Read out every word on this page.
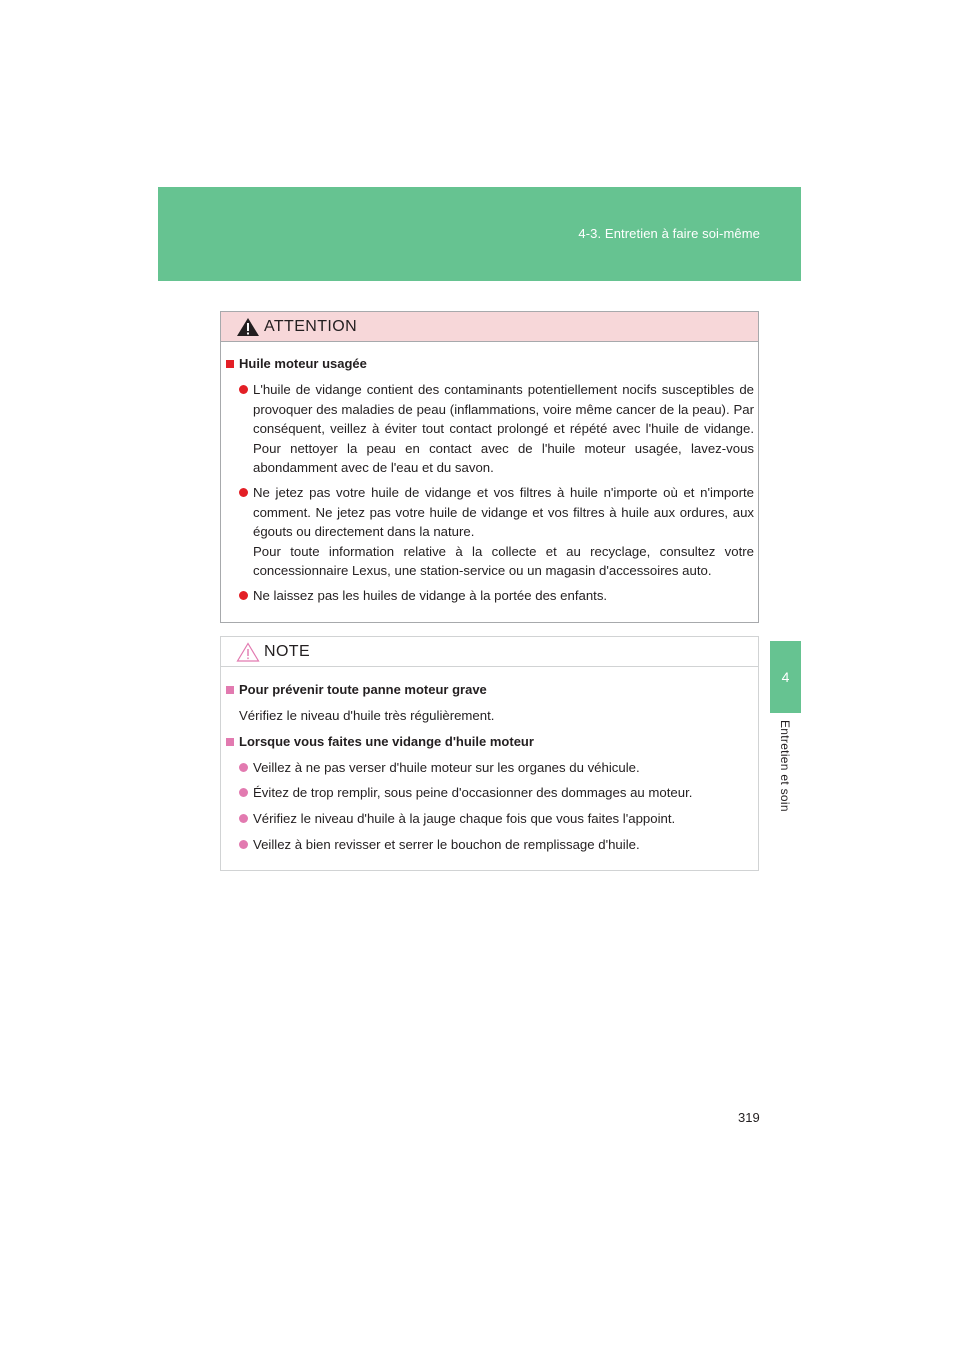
4-3. Entretien à faire soi-même
4
Entretien et soin
ATTENTION
Huile moteur usagée
L'huile de vidange contient des contaminants potentiellement nocifs susceptibles de provoquer des maladies de peau (inflammations, voire même cancer de la peau). Par conséquent, veillez à éviter tout contact prolongé et répété avec l'huile de vidange. Pour nettoyer la peau en contact avec de l'huile moteur usagée, lavez-vous abondamment avec de l'eau et du savon.
Ne jetez pas votre huile de vidange et vos filtres à huile n'importe où et n'importe comment. Ne jetez pas votre huile de vidange et vos filtres à huile aux ordures, aux égouts ou directement dans la nature.
Pour toute information relative à la collecte et au recyclage, consultez votre concessionnaire Lexus, une station-service ou un magasin d'accessoires auto.
Ne laissez pas les huiles de vidange à la portée des enfants.
NOTE
Pour prévenir toute panne moteur grave
Vérifiez le niveau d'huile très régulièrement.
Lorsque vous faites une vidange d'huile moteur
Veillez à ne pas verser d'huile moteur sur les organes du véhicule.
Évitez de trop remplir, sous peine d'occasionner des dommages au moteur.
Vérifiez le niveau d'huile à la jauge chaque fois que vous faites l'appoint.
Veillez à bien revisser et serrer le bouchon de remplissage d'huile.
319
